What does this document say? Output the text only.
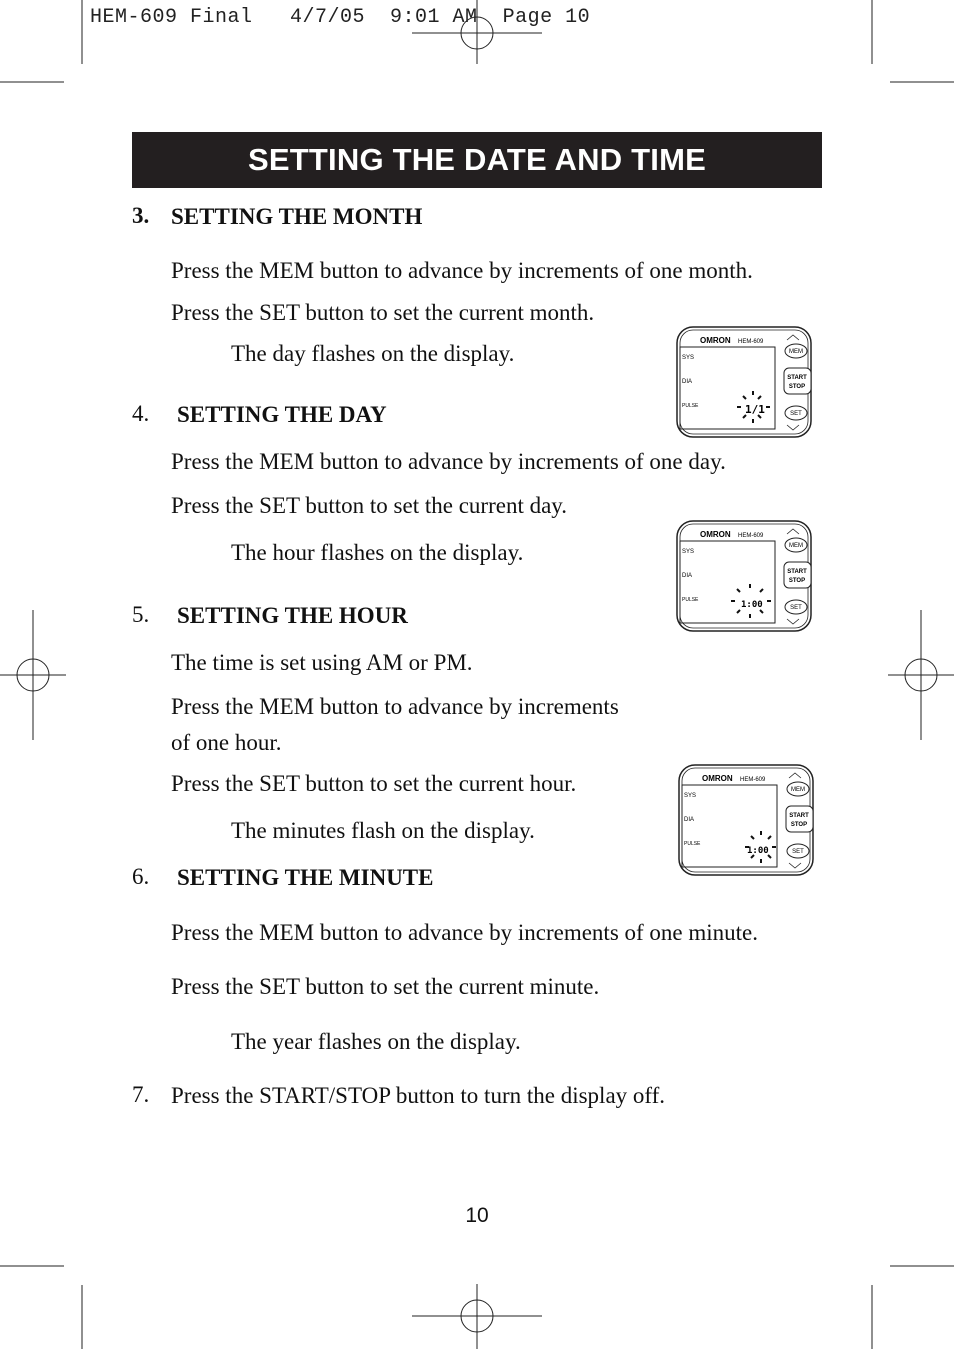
HEM-609 Final   4/7/05  9:01 AM  Page 10
SETTING THE DATE AND TIME
3. SETTING THE MONTH
Press the MEM button to advance by increments of one month.
Press the SET button to set the current month.
The day flashes on the display.
4. SETTING THE DAY
Press the MEM button to advance by increments of one day.
Press the SET button to set the current day.
The hour flashes on the display.
5. SETTING THE HOUR
The time is set using AM or PM.
Press the MEM button to advance by increments
of one hour.
Press the SET button to set the current hour.
The minutes flash on the display.
6. SETTING THE MINUTE
Press the MEM button to advance by increments of one minute.
Press the SET button to set the current minute.
The year flashes on the display.
7. Press the START/STOP button to turn the display off.
OMRON HEM-609
SYS
DIA
PULSE	1/1
MEM
START
STOP
SET
OMRON HEM-609
SYS
DIA
PULSE	1:00
MEM
START
STOP
SET
OMRON HEM-609
SYS
DIA
PULSE
1:00
MEM
START
STOP
SET
10
